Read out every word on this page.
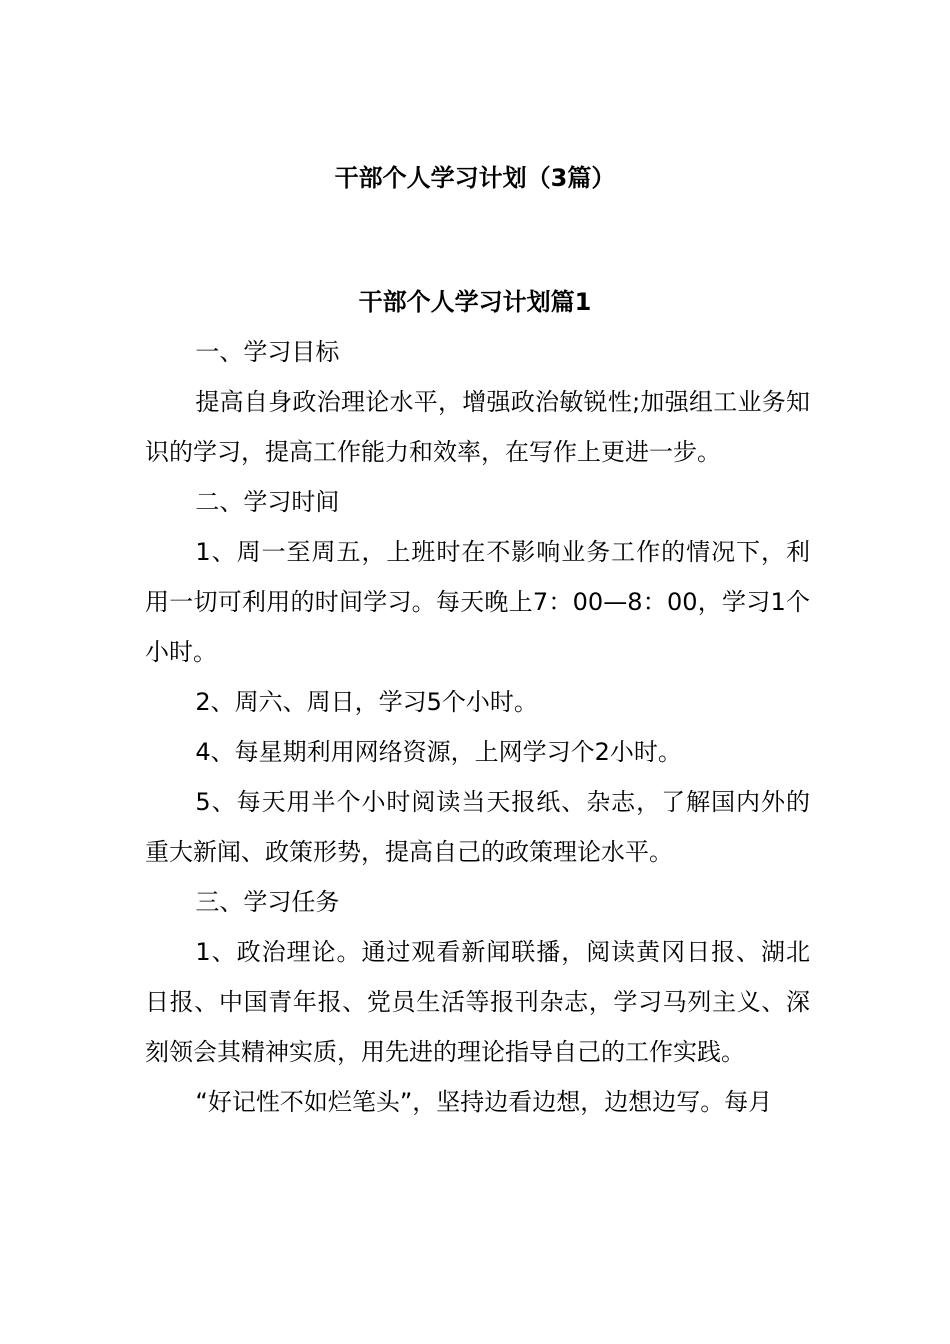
干部个人学习计划（3篇）
干部个人学习计划篇1

一、学习目标

提高自身政治理论水平，增强政治敏锐性;加强组工业务知识的学习，提高工作能力和效率，在写作上更进一步。

二、学习时间

1、周一至周五，上班时在不影响业务工作的情况下，利用一切可利用的时间学习。每天晚上7：00—8：00，学习1个小时。

2、周六、周日，学习5个小时。

4、每星期利用网络资源，上网学习个2小时。

5、每天用半个小时阅读当天报纸、杂志，了解国内外的重大新闻、政策形势，提高自己的政策理论水平。

三、学习任务

1、政治理论。通过观看新闻联播，阅读黄冈日报、湖北日报、中国青年报、党员生活等报刊杂志，学习马列主义、深刻领会其精神实质，用先进的理论指导自己的工作实践。

“好记性不如烂笔头”，坚持边看边想，边想边写。每月
